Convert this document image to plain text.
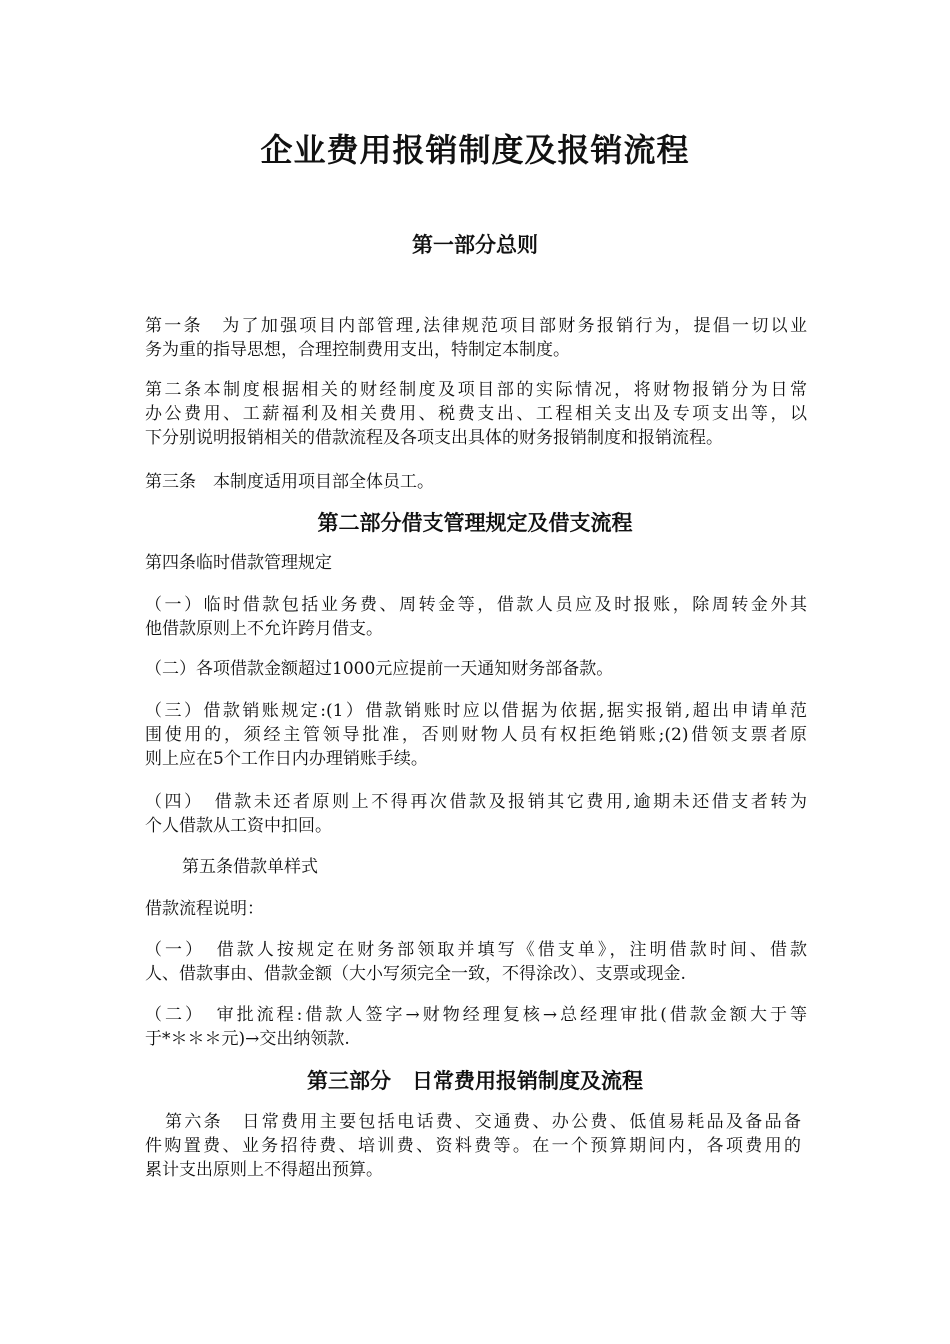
企业费用报销制度及报销流程
第一部分总则

第一条　为了加强项目内部管理,法律规范项目部财务报销行为，提倡一切以业
务为重的指导思想，合理控制费用支出，特制定本制度。

第二条本制度根据相关的财经制度及项目部的实际情况，将财物报销分为日常
办公费用、工薪福利及相关费用、税费支出、工程相关支出及专项支出等，以
下分别说明报销相关的借款流程及各项支出具体的财务报销制度和报销流程。

第三条　本制度适用项目部全体员工。

第二部分借支管理规定及借支流程

第四条临时借款管理规定

（一）临时借款包括业务费、周转金等，借款人员应及时报账，除周转金外其
他借款原则上不允许跨月借支。

（二）各项借款金额超过1000元应提前一天通知财务部备款。

（三）借款销账规定:(1）借款销账时应以借据为依据,据实报销,超出申请单范
围使用的，须经主管领导批准，否则财物人员有权拒绝销账;(2)借领支票者原
则上应在5个工作日内办理销账手续。

（四）　借款未还者原则上不得再次借款及报销其它费用,逾期未还借支者转为
个人借款从工资中扣回。

第五条借款单样式

借款流程说明：

（一）　借款人按规定在财务部领取并填写《借支单》，注明借款时间、借款
人、借款事由、借款金额（大小写须完全一致，不得涂改）、支票或现金.

（二）　审批流程:借款人签字→财物经理复核→总经理审批(借款金额大于等
于*＊＊＊元)→交出纳领款.

第三部分　日常费用报销制度及流程

第六条　日常费用主要包括电话费、交通费、办公费、低值易耗品及备品备
件购置费、业务招待费、培训费、资料费等。在一个预算期间内，各项费用的
累计支出原则上不得超出预算。
